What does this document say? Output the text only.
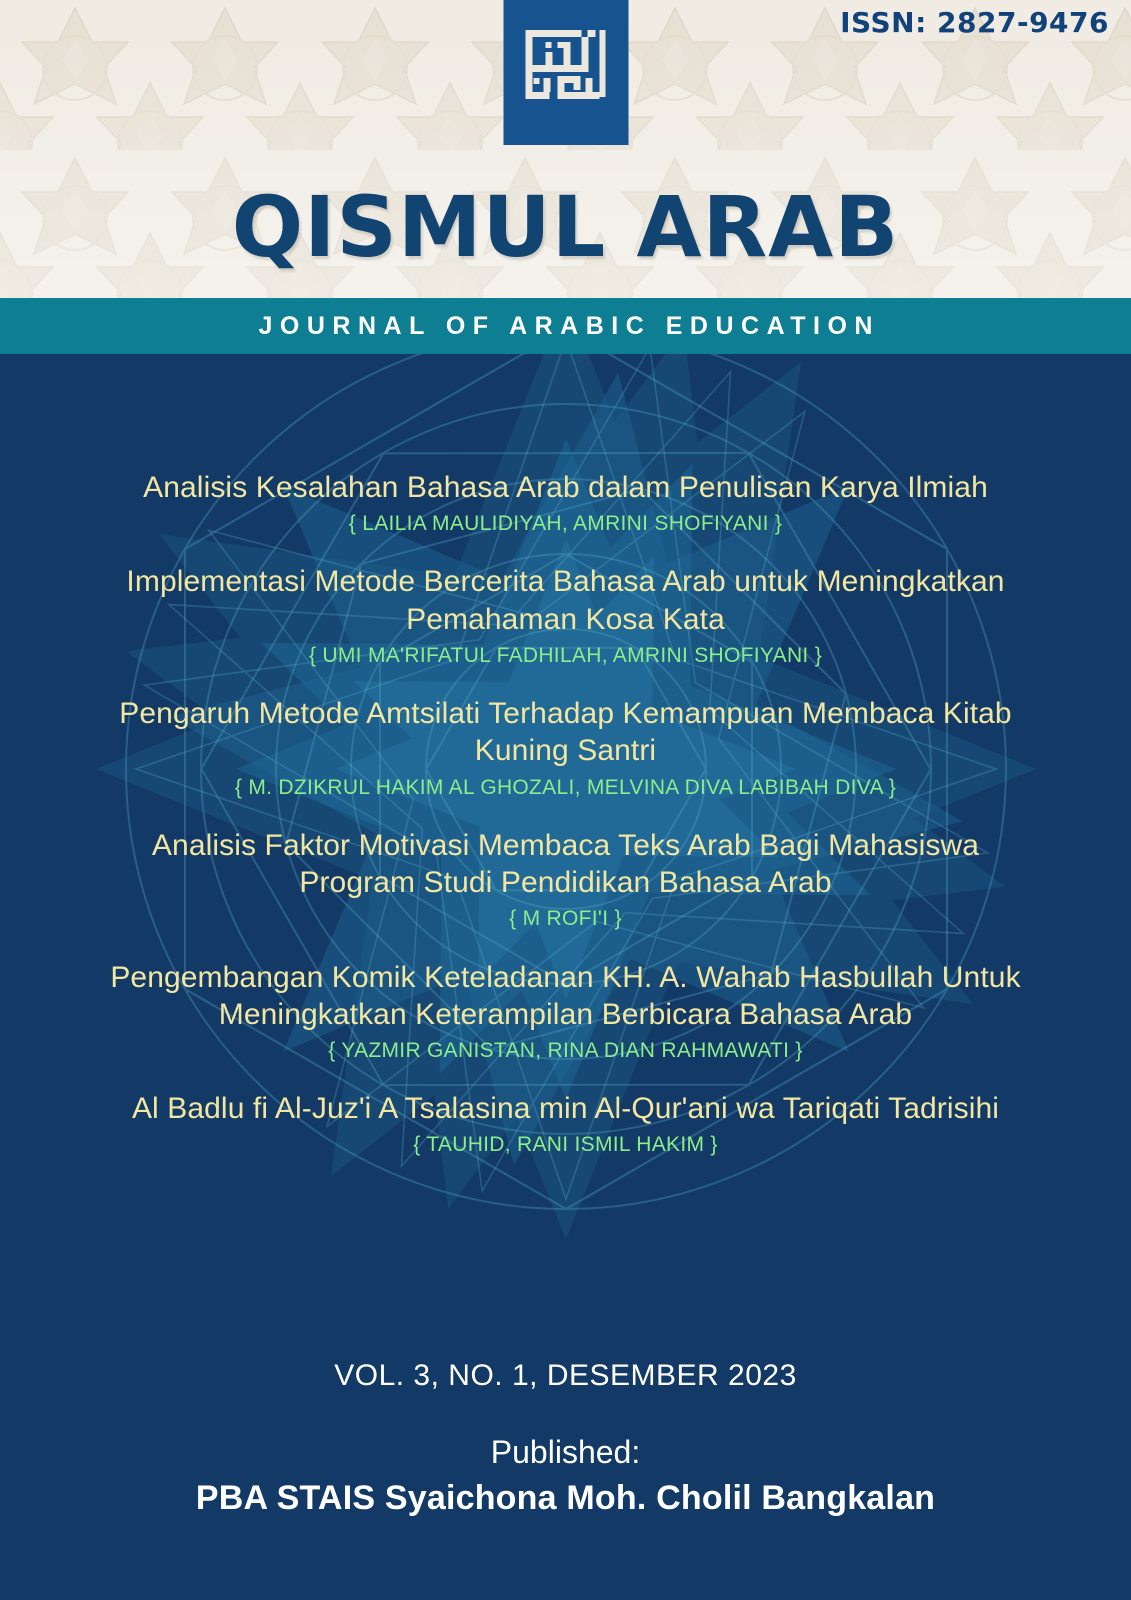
ISSN: 2827-9476
QISMUL ARAB
JOURNAL OF ARABIC EDUCATION
Analisis Kesalahan Bahasa Arab dalam Penulisan Karya Ilmiah
{ LAILIA MAULIDIYAH, AMRINI SHOFIYANI }
Implementasi Metode Bercerita Bahasa Arab untuk Meningkatkan Pemahaman Kosa Kata
{ UMI MA'RIFATUL FADHILAH, AMRINI SHOFIYANI }
Pengaruh Metode Amtsilati Terhadap Kemampuan Membaca Kitab Kuning Santri
{ M. DZIKRUL HAKIM AL GHOZALI, MELVINA DIVA LABIBAH DIVA }
Analisis Faktor Motivasi Membaca Teks Arab Bagi Mahasiswa Program Studi Pendidikan Bahasa Arab
{ M ROFI'I }
Pengembangan Komik Keteladanan KH. A. Wahab Hasbullah Untuk Meningkatkan Keterampilan Berbicara Bahasa Arab
{ YAZMIR GANISTAN, RINA DIAN RAHMAWATI }
Al Badlu fi Al-Juz'i A Tsalasina min Al-Qur'ani wa Tariqati Tadrisihi
{ TAUHID, RANI ISMIL HAKIM }
VOL. 3, NO. 1, DESEMBER 2023
Published:
PBA STAIS Syaichona Moh. Cholil Bangkalan
